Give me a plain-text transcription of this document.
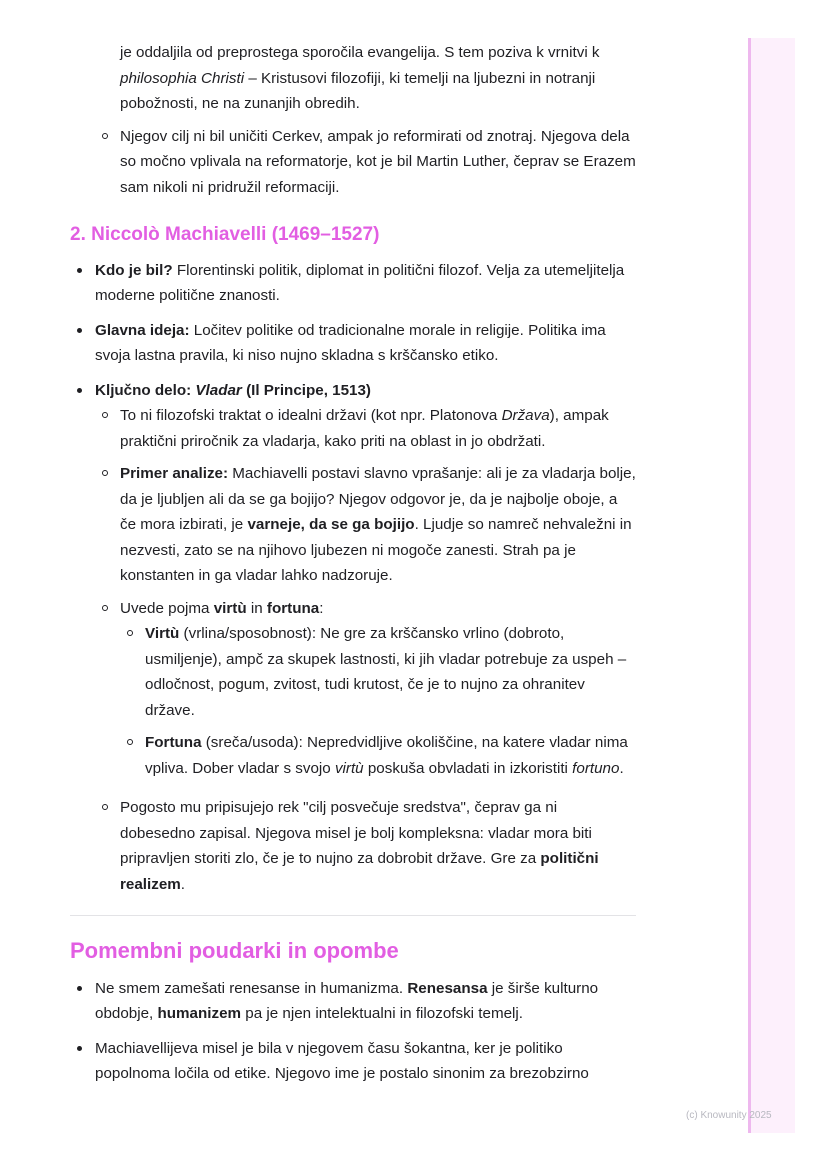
(c) Knowunity 2025
je oddaljila od preprostega sporočila evangelija. S tem poziva k vrnitvi k philosophia Christi – Kristusovi filozofiji, ki temelji na ljubezni in notranji pobožnosti, ne na zunanjih obredih.
Njegov cilj ni bil uničiti Cerkev, ampak jo reformirati od znotraj. Njegova dela so močno vplivala na reformatorje, kot je bil Martin Luther, čeprav se Erazem sam nikoli ni pridružil reformaciji.
2. Niccolò Machiavelli (1469–1527)
Kdo je bil? Florentinski politik, diplomat in politični filozof. Velja za utemeljitelja moderne politične znanosti.
Glavna ideja: Ločitev politike od tradicionalne morale in religije. Politika ima svoja lastna pravila, ki niso nujno skladna s krščansko etiko.
Ključno delo: Vladar (Il Principe, 1513)
To ni filozofski traktat o idealni državi (kot npr. Platonova Država), ampak praktični priročnik za vladarja, kako priti na oblast in jo obdržati.
Primer analize: Machiavelli postavi slavno vprašanje: ali je za vladarja bolje, da je ljubljen ali da se ga bojijo? Njegov odgovor je, da je najbolje oboje, a če mora izbirati, je varneje, da se ga bojijo. Ljudje so namreč nehvaležni in nezvesti, zato se na njihovo ljubezen ni mogoče zanesti. Strah pa je konstanten in ga vladar lahko nadzoruje.
Uvede pojma virtù in fortuna:
Virtù (vrlina/sposobnost): Ne gre za krščansko vrlino (dobroto, usmiljenje), ampč za skupek lastnosti, ki jih vladar potrebuje za uspeh – odločnost, pogum, zvitost, tudi krutost, če je to nujno za ohranitev države.
Fortuna (sreča/usoda): Nepredvidljive okoliščine, na katere vladar nima vpliva. Dober vladar s svojo virtù poskuša obvladati in izkoristiti fortuno.
Pogosto mu pripisujejo rek "cilj posvečuje sredstva", čeprav ga ni dobesedno zapisal. Njegova misel je bolj kompleksna: vladar mora biti pripravljen storiti zlo, če je to nujno za dobrobit države. Gre za politični realizem.
Pomembni poudarki in opombe
Ne smem zamešati renesanse in humanizma. Renesansa je širše kulturno obdobje, humanizem pa je njen intelektualni in filozofski temelj.
Machiavellijeva misel je bila v njegovem času šokantna, ker je politiko popolnoma ločila od etike. Njegovo ime je postalo sinonim za brezobzirno
